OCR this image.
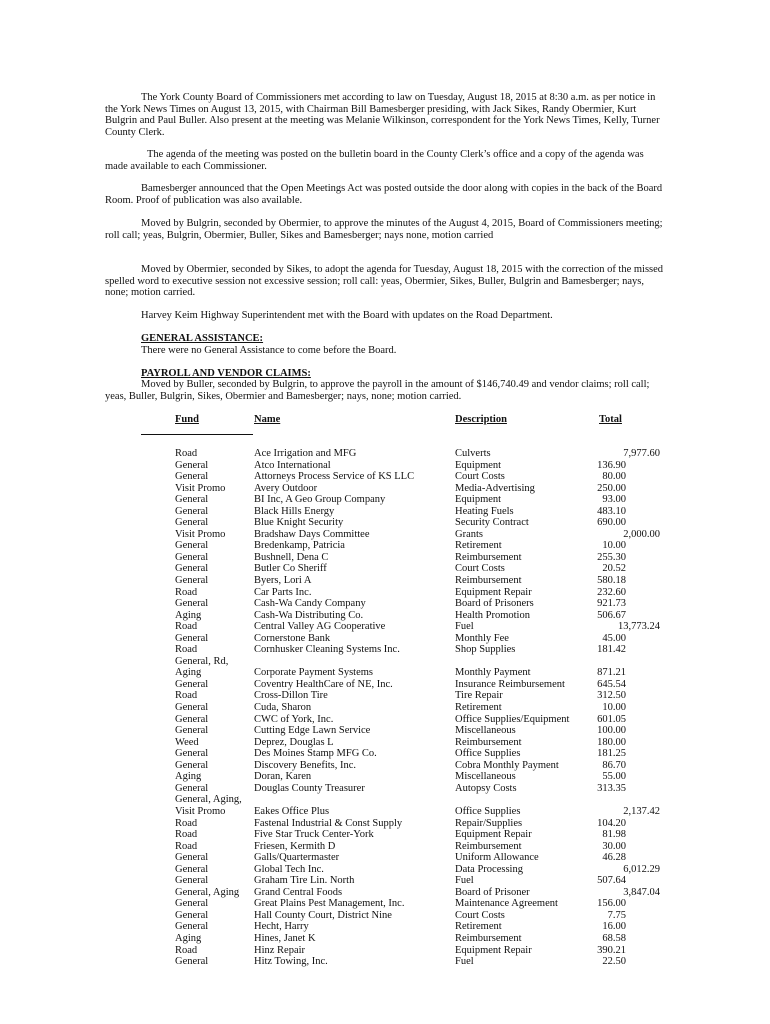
The York County Board of Commissioners met according to law on Tuesday, August 18, 2015 at 8:30 a.m. as per notice in the York News Times on August 13, 2015, with Chairman Bill Bamesberger presiding, with Jack Sikes, Randy Obermier, Kurt Bulgrin and Paul Buller. Also present at the meeting was Melanie Wilkinson, correspondent for the York News Times, Kelly, Turner County Clerk.

The agenda of the meeting was posted on the bulletin board in the County Clerk’s office and a copy of the agenda was made available to each Commissioner.

Bamesberger announced that the Open Meetings Act was posted outside the door along with copies in the back of the Board Room. Proof of publication was also available.

Moved by Bulgrin, seconded by Obermier, to approve the minutes of the August 4, 2015, Board of Commissioners meeting; roll call; yeas, Bulgrin, Obermier, Buller, Sikes and Bamesberger; nays none, motion carried

Moved by Obermier, seconded by Sikes, to adopt the agenda for Tuesday, August 18, 2015 with the correction of the missed spelled word to executive session not excessive session; roll call: yeas, Obermier, Sikes, Buller, Bulgrin and Bamesberger; nays, none; motion carried.

Harvey Keim Highway Superintendent met with the Board with updates on the Road Department.

GENERAL ASSISTANCE:
There were no General Assistance to come before the Board.
PAYROLL AND VENDOR CLAIMS:

Moved by Buller, seconded by Bulgrin, to approve the payroll in the amount of $146,740.49 and vendor claims; roll call; yeas, Buller, Bulgrin, Sikes, Obermier and Bamesberger; nays, none; motion carried.

Fund	Name	Description	Total
Road	Ace Irrigation and MFG	Culverts	7,977.60
General	Atco International	Equipment	136.90
General	Attorneys Process Service of KS LLC	Court Costs	80.00
Visit Promo	Avery Outdoor	Media-Advertising	250.00
General	BI Inc, A Geo Group Company	Equipment	93.00
General	Black Hills Energy	Heating Fuels	483.10
General	Blue Knight Security	Security Contract	690.00
Visit Promo	Bradshaw Days Committee	Grants	2,000.00
General	Bredenkamp, Patricia	Retirement	10.00
General	Bushnell, Dena C	Reimbursement	255.30
General	Butler Co Sheriff	Court Costs	20.52
General	Byers, Lori A	Reimbursement	580.18
Road	Car Parts Inc.	Equipment Repair	232.60
General	Cash-Wa Candy Company	Board of Prisoners	921.73
Aging	Cash-Wa Distributing Co.	Health Promotion	506.67
Road	Central Valley AG Cooperative	Fuel	13,773.24
General	Cornerstone Bank	Monthly Fee	45.00
Road	Cornhusker Cleaning Systems Inc.	Shop Supplies	181.42
General, Rd, Aging	Corporate Payment Systems	Monthly Payment	871.21
General	Coventry HealthCare of NE, Inc.	Insurance Reimbursement	645.54
Road	Cross-Dillon Tire	Tire Repair	312.50
General	Cuda, Sharon	Retirement	10.00
General	CWC of York, Inc.	Office Supplies/Equipment	601.05
General	Cutting Edge Lawn Service	Miscellaneous	100.00
Weed	Deprez, Douglas L	Reimbursement	180.00
General	Des Moines Stamp MFG Co.	Office Supplies	181.25
General	Discovery Benefits, Inc.	Cobra Monthly Payment	86.70
Aging	Doran, Karen	Miscellaneous	55.00
General	Douglas County Treasurer	Autopsy Costs	313.35
General, Aging, Visit Promo	Eakes Office Plus	Office Supplies	2,137.42
Road	Fastenal Industrial & Const Supply	Repair/Supplies	104.20
Road	Five Star Truck Center-York	Equipment Repair	81.98
Road	Friesen, Kermith D	Reimbursement	30.00
General	Galls/Quartermaster	Uniform Allowance	46.28
General	Global Tech Inc.	Data Processing	6,012.29
General	Graham Tire Lin. North	Fuel	507.64
General, Aging	Grand Central Foods	Board of Prisoner	3,847.04
General	Great Plains Pest Management, Inc.	Maintenance Agreement	156.00
General	Hall County Court, District Nine	Court Costs	7.75
General	Hecht, Harry	Retirement	16.00
Aging	Hines, Janet K	Reimbursement	68.58
Road	Hinz Repair	Equipment Repair	390.21
General	Hitz Towing, Inc.	Fuel	22.50
